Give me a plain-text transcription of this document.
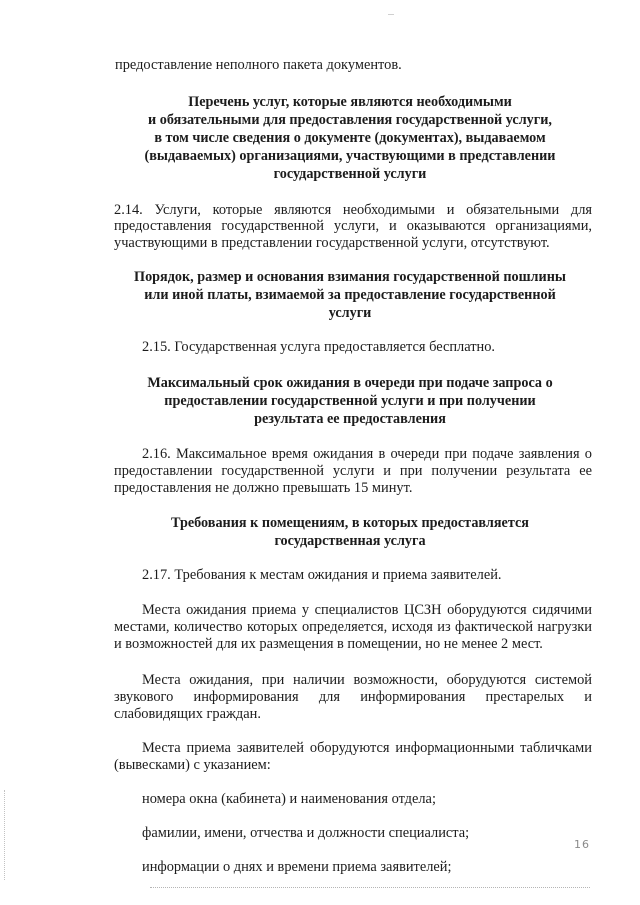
предоставление неполного пакета документов.
Перечень услуг, которые являются необходимыми
и обязательными для предоставления государственной услуги,
в том числе сведения о документе (документах), выдаваемом
(выдаваемых) организациями, участвующими в представлении
государственной услуги
2.14. Услуги, которые являются необходимыми и обязательными для
предоставления государственной услуги, и оказываются организациями,
участвующими в представлении государственной услуги, отсутствуют.
Порядок, размер и основания взимания государственной пошлины
или иной платы, взимаемой за предоставление государственной
услуги
2.15. Государственная услуга предоставляется бесплатно.
Максимальный срок ожидания в очереди при подаче запроса о
предоставлении государственной услуги и при получении
результата ее предоставления
2.16. Максимальное время ожидания в очереди при подаче заявления о
предоставлении государственной услуги и при получении результата ее
предоставления не должно превышать 15 минут.
Требования к помещениям, в которых предоставляется
государственная услуга
2.17. Требования к местам ожидания и приема заявителей.
Места ожидания приема у специалистов ЦСЗН оборудуются сидячими
местами, количество которых определяется, исходя из фактической нагрузки
и возможностей для их размещения в помещении, но не менее 2 мест.
Места ожидания, при наличии возможности, оборудуются системой
звукового информирования для информирования престарелых и
слабовидящих граждан.
Места приема заявителей оборудуются информационными табличками
(вывесками) с указанием:
номера окна (кабинета) и наименования отдела;
фамилии, имени, отчества и должности специалиста;
информации о днях и времени приема заявителей;
16
